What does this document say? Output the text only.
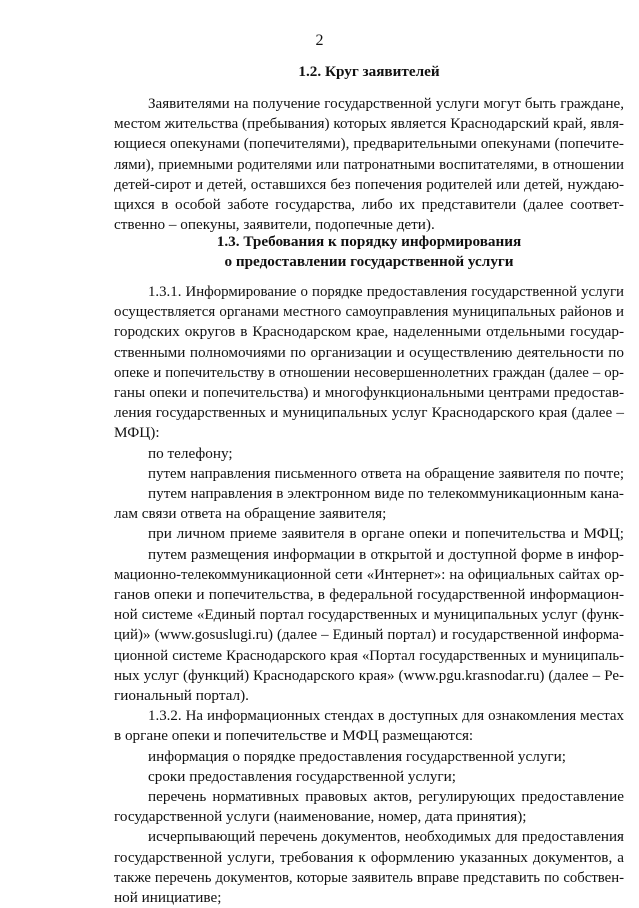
2
1.2. Круг заявителей
Заявителями на получение государственной услуги могут быть граждане,
местом жительства (пребывания) которых является Краснодарский край, явля-
ющиеся опекунами (попечителями), предварительными опекунами (попечите-
лями), приемными родителями или патронатными воспитателями, в отношении
детей-сирот и детей, оставшихся без попечения родителей или детей, нуждаю-
щихся в особой заботе государства, либо их представители (далее соответ-
ственно – опекуны, заявители, подопечные дети).
1.3. Требования к порядку информирования
о предоставлении государственной услуги
1.3.1. Информирование о порядке предоставления государственной услуги
осуществляется органами местного самоуправления муниципальных районов и
городских округов в Краснодарском крае, наделенными отдельными государ-
ственными полномочиями по организации и осуществлению деятельности по
опеке и попечительству в отношении несовершеннолетних граждан (далее – ор-
ганы опеки и попечительства) и многофункциональными центрами предостав-
ления государственных и муниципальных услуг Краснодарского края (далее –
МФЦ):
по телефону;
путем направления письменного ответа на обращение заявителя по почте;
путем направления в электронном виде по телекоммуникационным кана-
лам связи ответа на обращение заявителя;
при личном приеме заявителя в органе опеки и попечительства и МФЦ;
путем размещения информации в открытой и доступной форме в инфор-
мационно-телекоммуникационной сети «Интернет»: на официальных сайтах ор-
ганов опеки и попечительства, в федеральной государственной информацион-
ной системе «Единый портал государственных и муниципальных услуг (функ-
ций)» (www.gosuslugi.ru) (далее – Единый портал) и государственной информа-
ционной системе Краснодарского края «Портал государственных и муниципаль-
ных услуг (функций) Краснодарского края» (www.pgu.krasnodar.ru) (далее – Ре-
гиональный портал).
1.3.2. На информационных стендах в доступных для ознакомления местах
в органе опеки и попечительстве и МФЦ размещаются:
информация о порядке предоставления государственной услуги;
сроки предоставления государственной услуги;
перечень нормативных правовых актов, регулирующих предоставление
государственной услуги (наименование, номер, дата принятия);
исчерпывающий перечень документов, необходимых для предоставления
государственной услуги, требования к оформлению указанных документов, а
также перечень документов, которые заявитель вправе представить по собствен-
ной инициативе;
